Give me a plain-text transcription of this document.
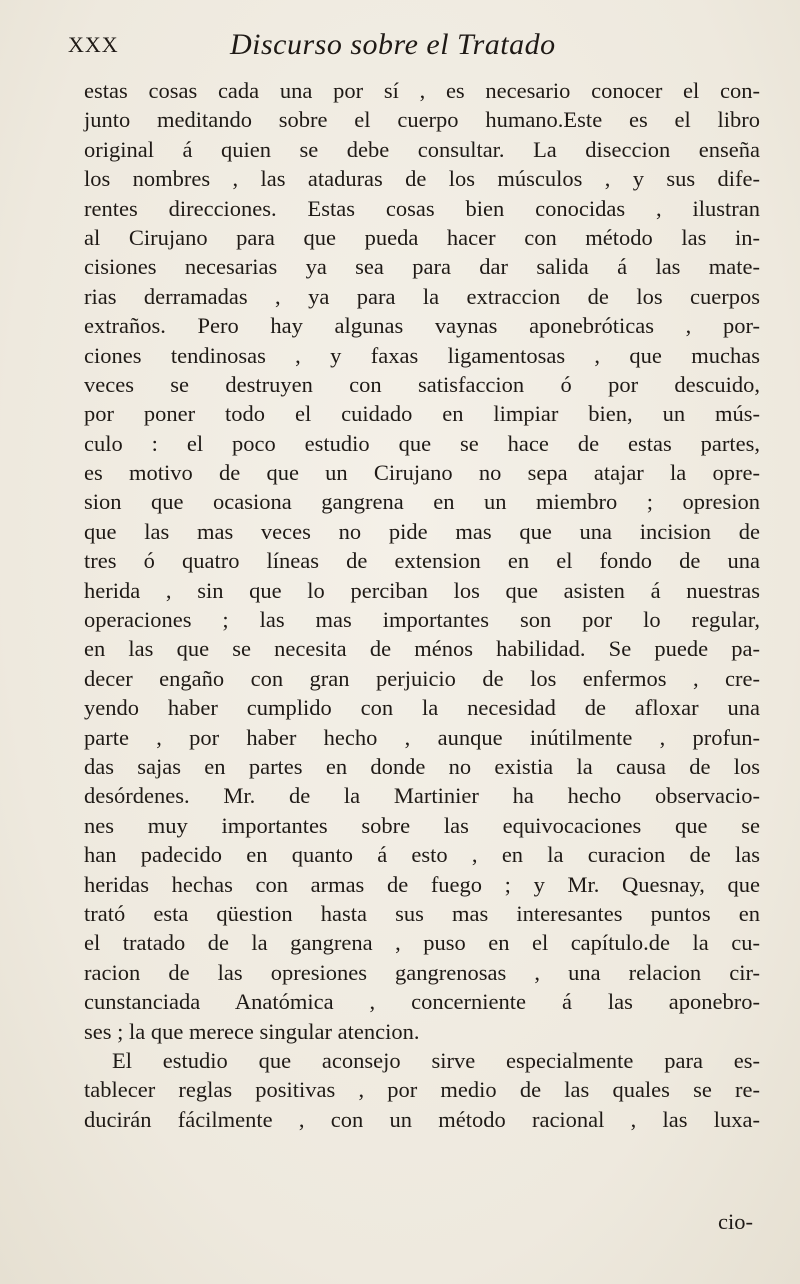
XXX	Discurso sobre el Tratado
estas cosas cada una por sí , es necesario conocer el con-
junto meditando sobre el cuerpo humano.Este es el libro
original á quien se debe consultar. La diseccion enseña
los nombres , las ataduras de los músculos , y sus dife-
rentes direcciones. Estas cosas bien conocidas , ilustran
al Cirujano para que pueda hacer con método las in-
cisiones necesarias ya sea para dar salida á las mate-
rias derramadas , ya para la extraccion de los cuerpos
extraños. Pero hay algunas vaynas aponebróticas , por-
ciones tendinosas , y faxas ligamentosas , que muchas
veces se destruyen con satisfaccion ó por descuido,
por poner todo el cuidado en limpiar bien, un mús-
culo : el poco estudio que se hace de estas partes,
es motivo de que un Cirujano no sepa atajar la opre-
sion que ocasiona gangrena en un miembro ; opresion
que las mas veces no pide mas que una incision de
tres ó quatro líneas de extension en el fondo de una
herida , sin que lo perciban los que asisten á nuestras
operaciones ; las mas importantes son por lo regular,
en las que se necesita de ménos habilidad. Se puede pa-
decer engaño con gran perjuicio de los enfermos , cre-
yendo haber cumplido con la necesidad de afloxar una
parte , por haber hecho , aunque inútilmente , profun-
das sajas en partes en donde no existia la causa de los
desórdenes. Mr. de la Martinier ha hecho observacio-
nes muy importantes sobre las equivocaciones que se
han padecido en quanto á esto , en la curacion de las
heridas hechas con armas de fuego ; y Mr. Quesnay, que
trató esta qüestion hasta sus mas interesantes puntos en
el tratado de la gangrena , puso en el capítulo.de la cu-
racion de las opresiones gangrenosas , una relacion cir-
cunstanciada Anatómica , concerniente á las aponebro-
ses ; la que merece singular atencion.
El estudio que aconsejo sirve especialmente para es-
tablecer reglas positivas , por medio de las quales se re-
ducirán fácilmente , con un método racional , las luxa-
cio-
